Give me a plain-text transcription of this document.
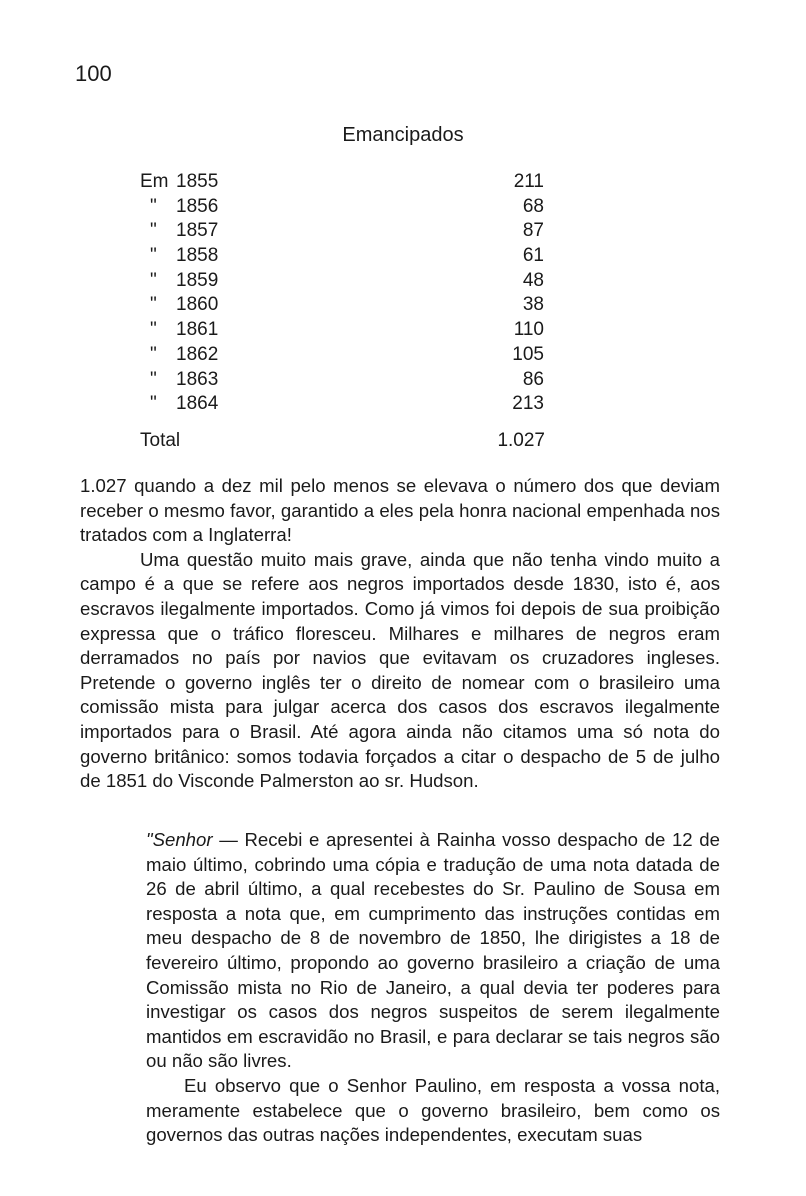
100
Emancipados
Em 1855	211
"	1856	68
"	1857	87
"	1858	61
"	1859	48
"	1860	38
"	1861	110
"	1862	105
"	1863	86
"	1864	213
Total	1.027

1.027 quando a dez mil pelo menos se elevava o número dos que deviam receber o mesmo favor, garantido a eles pela honra nacional empenhada nos tratados com a Inglaterra!

Uma questão muito mais grave, ainda que não tenha vindo muito a campo é a que se refere aos negros importados desde 1830, isto é, aos escravos ilegalmente importados. Como já vimos foi depois de sua proibição expressa que o tráfico floresceu. Milhares e milhares de negros eram derramados no país por navios que evitavam os cruzadores ingleses. Pretende o governo inglês ter o direito de nomear com o brasileiro uma comissão mista para julgar acerca dos casos dos escravos ilegalmente importados para o Brasil. Até agora ainda não citamos uma só nota do governo britânico: somos todavia forçados a citar o despacho de 5 de julho de 1851 do Visconde Palmerston ao sr. Hudson.

"Senhor — Recebi e apresentei à Rainha vosso despacho de 12 de maio último, cobrindo uma cópia e tradução de uma nota datada de 26 de abril último, a qual recebestes do Sr. Paulino de Sousa em resposta a nota que, em cumprimento das instruções contidas em meu despacho de 8 de novembro de 1850, lhe dirigistes a 18 de fevereiro último, propondo ao governo brasileiro a criação de uma Comissão mista no Rio de Janeiro, a qual devia ter poderes para investigar os casos dos negros suspeitos de serem ilegalmente mantidos em escravidão no Brasil, e para declarar se tais negros são ou não são livres.

Eu observo que o Senhor Paulino, em resposta a vossa nota, meramente estabelece que o governo brasileiro, bem como os governos das outras nações independentes, executam suas
